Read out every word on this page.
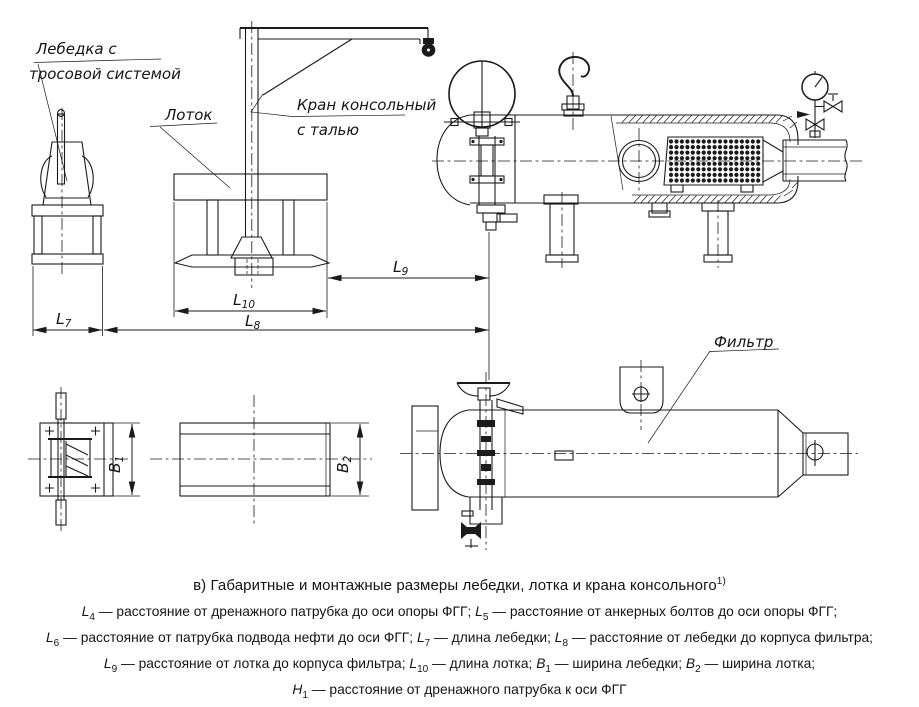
Лебедка с
тросовой системой
Лоток
Кран консольный
с талью
Фильтр
L7	L8
L10
L9
B1
B2
в) Габаритные и монтажные размеры лебедки, лотка и крана консольного$^{1)}$
$L_4$ — расстояние от дренажного патрубка до оси опоры ФГГ; $L_5$ — расстояние от анкерных болтов до оси опоры ФГГ;
$L_6$ — расстояние от патрубка подвода нефти до оси ФГГ; $L_7$ — длина лебедки; $L_8$ — расстояние от лебедки до корпуса фильтра;
$L_9$ — расстояние от лотка до корпуса фильтра; $L_{10}$ — длина лотка; $B_1$ — ширина лебедки; $B_2$ — ширина лотка;
$H_1$ — расстояние от дренажного патрубка к оси ФГГ
